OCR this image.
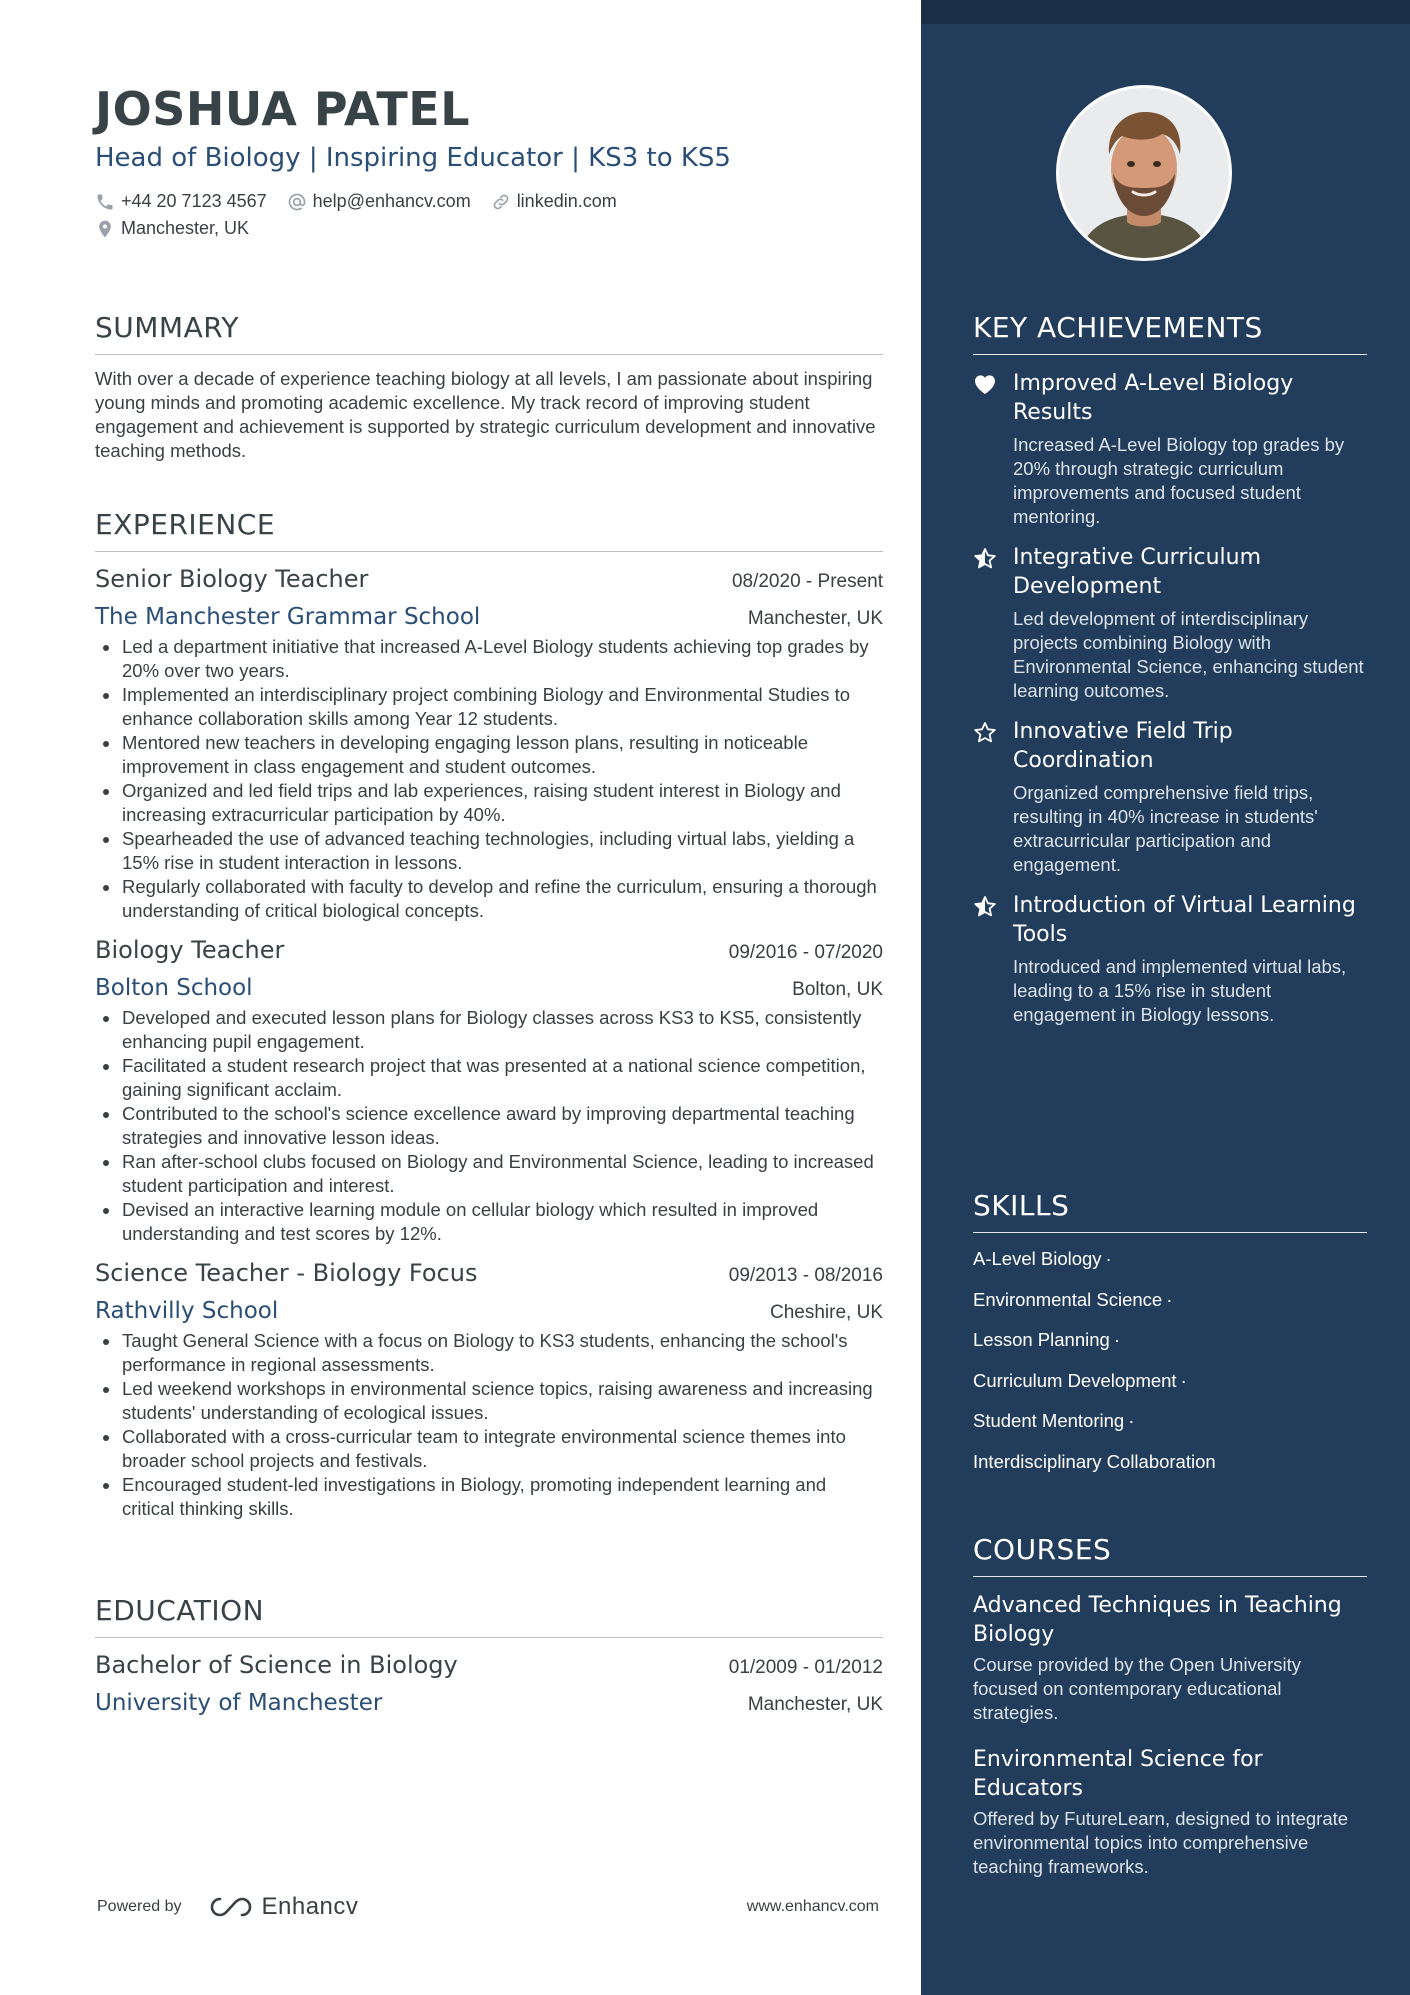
JOSHUA PATEL
Head of Biology | Inspiring Educator | KS3 to KS5
+44 20 7123 4567	help@enhancv.com	linkedin.com
Manchester, UK
SUMMARY

With over a decade of experience teaching biology at all levels, I am passionate about inspiring young minds and promoting academic excellence. My track record of improving student engagement and achievement is supported by strategic curriculum development and innovative teaching methods.

EXPERIENCE
Senior Biology Teacher	08/2020 - Present
The Manchester Grammar School	Manchester, UK
Led a department initiative that increased A-Level Biology students achieving top grades by 20% over two years.
Implemented an interdisciplinary project combining Biology and Environmental Studies to enhance collaboration skills among Year 12 students.
Mentored new teachers in developing engaging lesson plans, resulting in noticeable improvement in class engagement and student outcomes.
Organized and led field trips and lab experiences, raising student interest in Biology and increasing extracurricular participation by 40%.
Spearheaded the use of advanced teaching technologies, including virtual labs, yielding a 15% rise in student interaction in lessons.
Regularly collaborated with faculty to develop and refine the curriculum, ensuring a thorough understanding of critical biological concepts.
Biology Teacher	09/2016 - 07/2020
Bolton School	Bolton, UK
Developed and executed lesson plans for Biology classes across KS3 to KS5, consistently enhancing pupil engagement.
Facilitated a student research project that was presented at a national science competition, gaining significant acclaim.
Contributed to the school's science excellence award by improving departmental teaching strategies and innovative lesson ideas.
Ran after-school clubs focused on Biology and Environmental Science, leading to increased student participation and interest.
Devised an interactive learning module on cellular biology which resulted in improved understanding and test scores by 12%.
Science Teacher - Biology Focus	09/2013 - 08/2016
Rathvilly School	Cheshire, UK
Taught General Science with a focus on Biology to KS3 students, enhancing the school's performance in regional assessments.
Led weekend workshops in environmental science topics, raising awareness and increasing students' understanding of ecological issues.
Collaborated with a cross-curricular team to integrate environmental science themes into broader school projects and festivals.
Encouraged student-led investigations in Biology, promoting independent learning and critical thinking skills.
EDUCATION
Bachelor of Science in Biology	01/2009 - 01/2012
University of Manchester	Manchester, UK
Powered by	Enhancv	www.enhancv.com
KEY ACHIEVEMENTS
Improved A-Level Biology Results
Increased A-Level Biology top grades by 20% through strategic curriculum improvements and focused student mentoring.
Integrative Curriculum Development
Led development of interdisciplinary projects combining Biology with Environmental Science, enhancing student learning outcomes.
Innovative Field Trip Coordination
Organized comprehensive field trips, resulting in 40% increase in students' extracurricular participation and engagement.
Introduction of Virtual Learning Tools
Introduced and implemented virtual labs, leading to a 15% rise in student engagement in Biology lessons.
SKILLS
A-Level Biology ·
Environmental Science ·
Lesson Planning ·
Curriculum Development ·
Student Mentoring ·
Interdisciplinary Collaboration
COURSES
Advanced Techniques in Teaching Biology
Course provided by the Open University focused on contemporary educational strategies.
Environmental Science for Educators
Offered by FutureLearn, designed to integrate environmental topics into comprehensive teaching frameworks.
